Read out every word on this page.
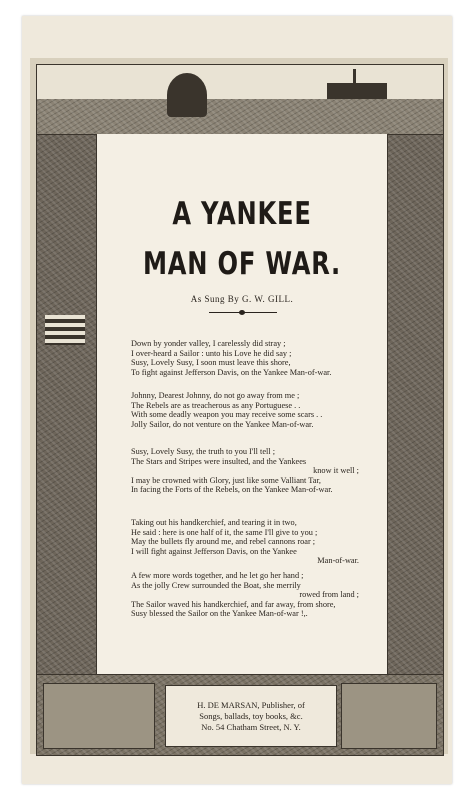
A YANKEE
MAN OF WAR.
As Sung By G. W. GILL.
Down by yonder valley, I carelessly did stray ;
I over-heard a Sailor : unto his Love he did say ;
Susy, Lovely Susy, I soon must leave this shore,
To fight against Jefferson Davis, on the Yankee Man-of-war.
Johnny, Dearest Johnny, do not go away from me ;
The Rebels are as treacherous as any Portuguese . .
With some deadly weapon you may receive some scars . .
Jolly Sailor, do not venture on the Yankee Man-of-war.
Susy, Lovely Susy, the truth to you I'll tell ;
The Stars and Stripes were insulted, and the Yankees
know it well ;
I may be crowned with Glory, just like some Valliant Tar,
In facing the Forts of the Rebels, on the Yankee Man-of-war.
Taking out his handkerchief, and tearing it in two,
He said : here is one half of it, the same I'll give to you ;
May the bullets fly around me, and rebel cannons roar ;
I will fight against Jefferson Davis, on the Yankee
Man-of-war.
A few more words together, and he let go her hand ;
As the jolly Crew surrounded the Boat, she merrily
rowed from land ;
The Sailor waved his handkerchief, and far away, from shore,
Susy blessed the Sailor on the Yankee Man-of-war !,.
H. DE MARSAN, Publisher, of
Songs, ballads, toy books, &c.
No. 54 Chatham Street, N. Y.
